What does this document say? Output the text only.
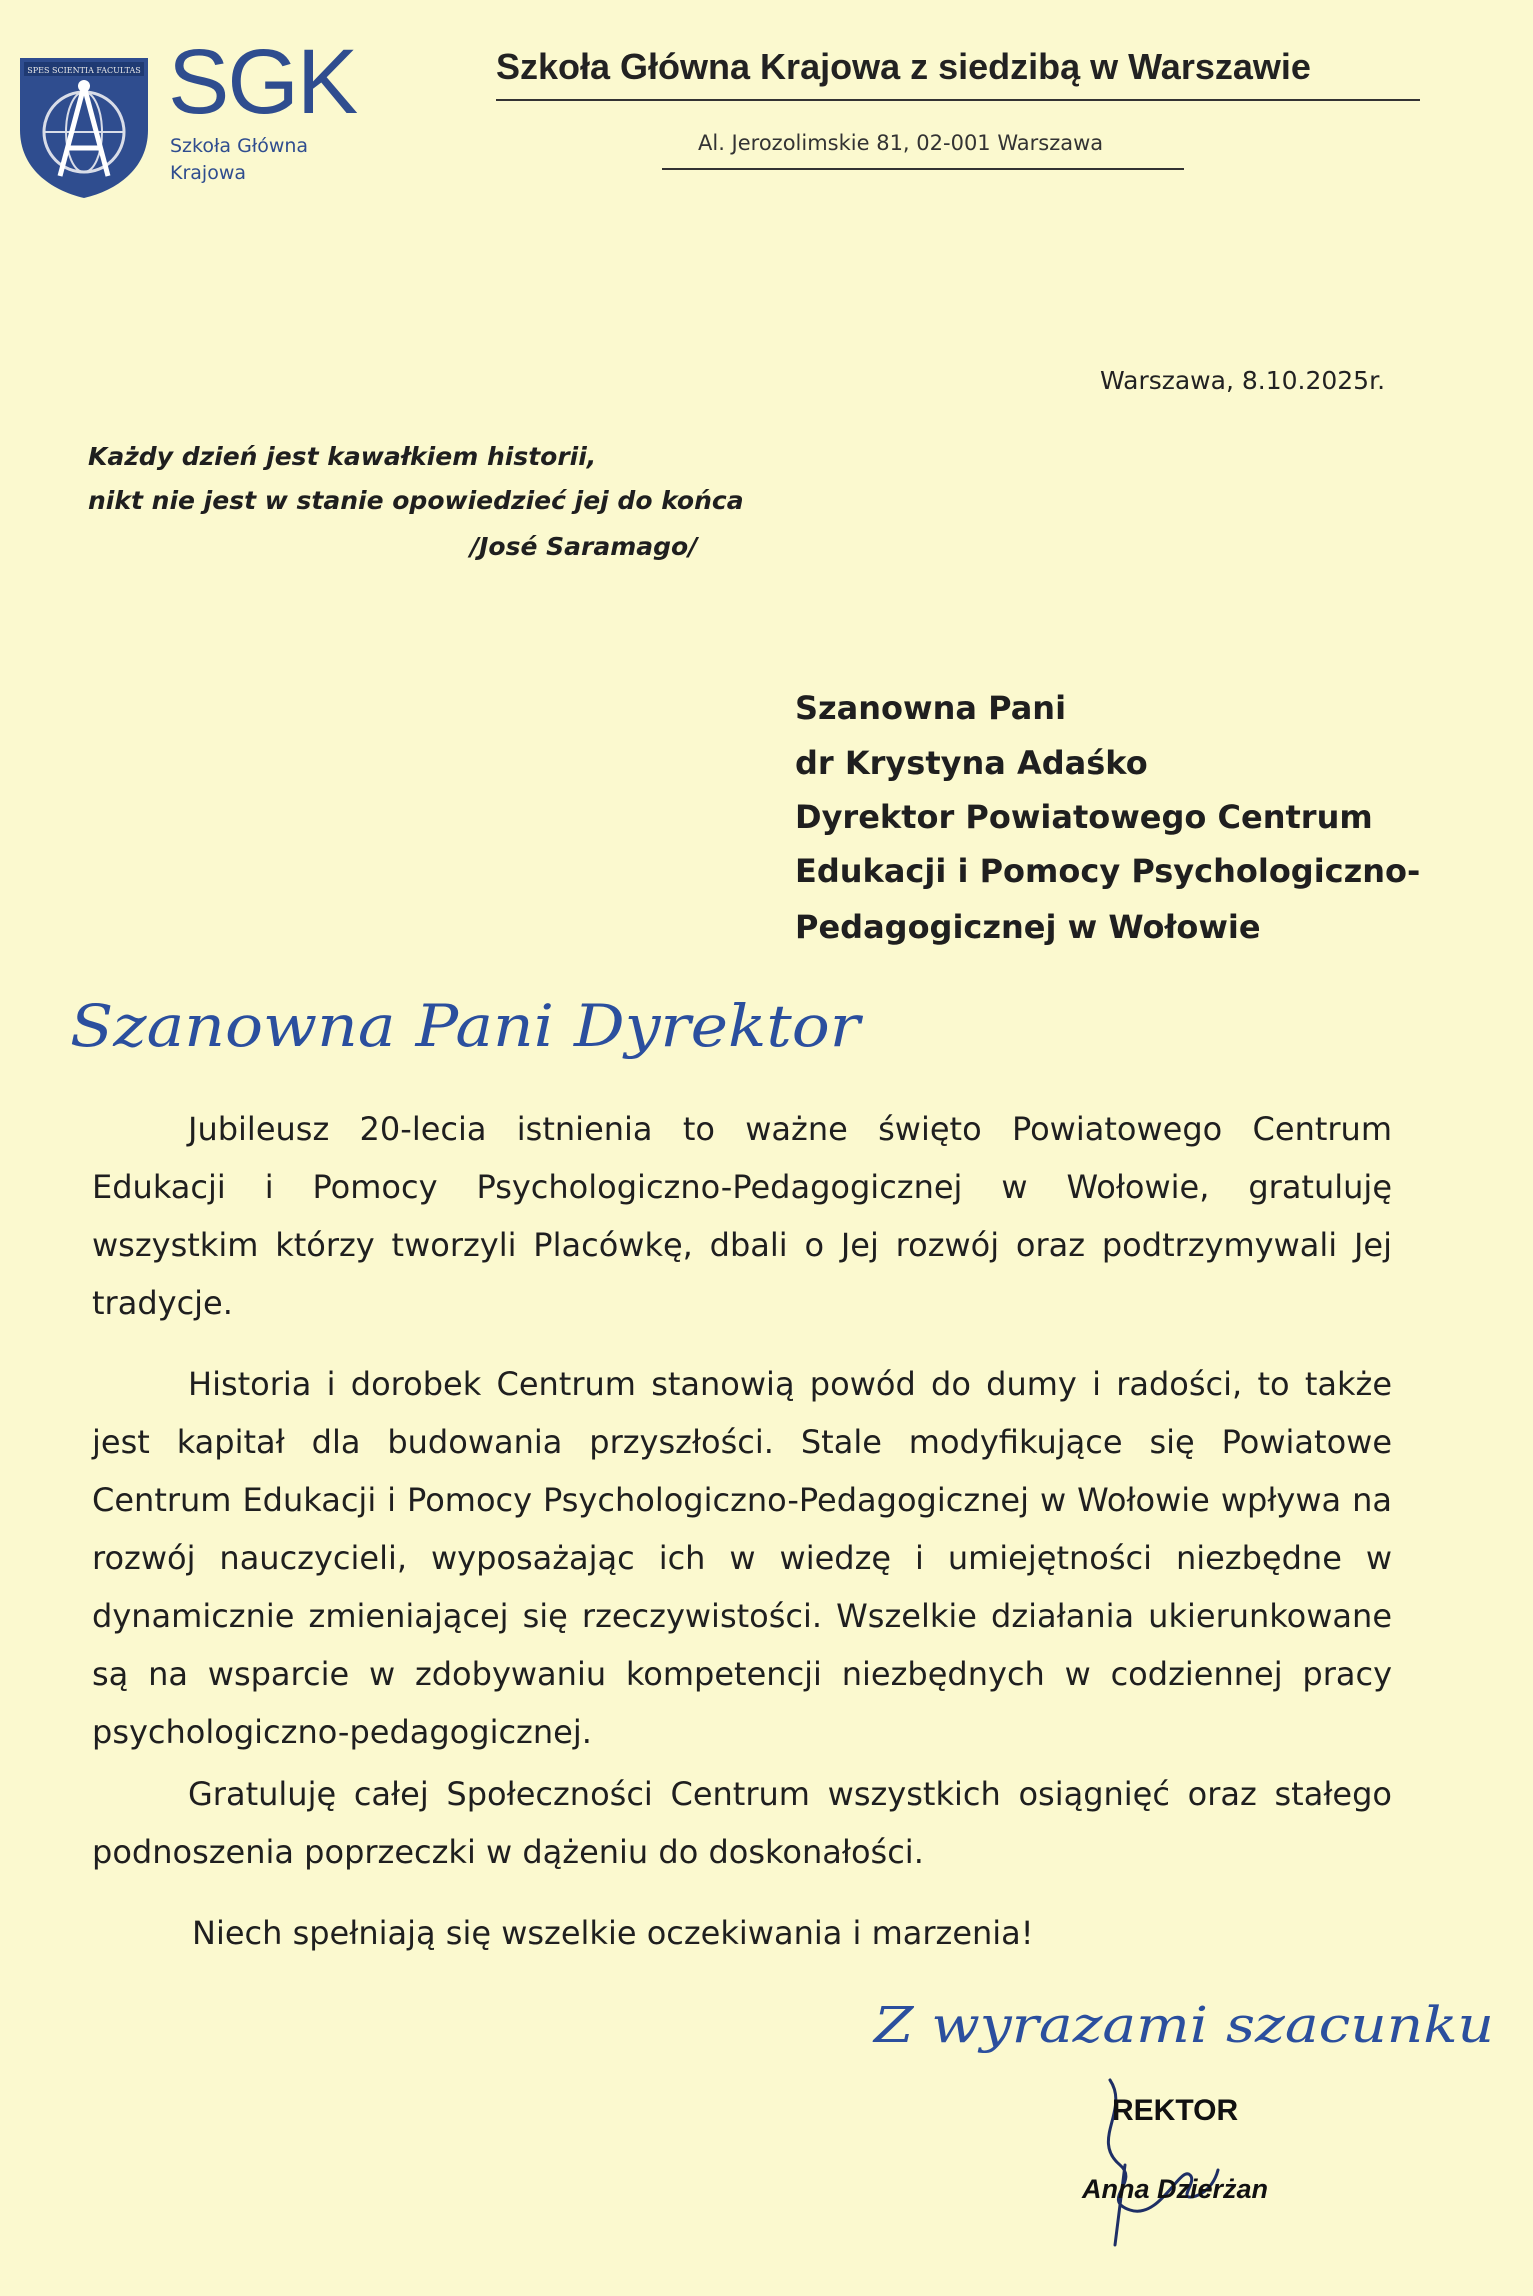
SPES SCIENTIA FACULTAS SGK
Szkoła Główna
Krajowa
Szkoła Główna Krajowa z siedzibą w Warszawie
Al. Jerozolimskie 81, 02-001 Warszawa
Warszawa, 8.10.2025r.
Każdy dzień jest kawałkiem historii,
nikt nie jest w stanie opowiedzieć jej do końca
/José Saramago/
Szanowna Pani
dr Krystyna Adaśko
Dyrektor Powiatowego Centrum
Edukacji i Pomocy Psychologiczno-
Pedagogicznej w Wołowie
Szanowna Pani Dyrektor
Jubileusz 20-lecia istnienia to ważne święto Powiatowego Centrum Edukacji i Pomocy Psychologiczno-Pedagogicznej w Wołowie, gratuluję wszystkim którzy tworzyli Placówkę, dbali o Jej rozwój oraz podtrzymywali Jej tradycje.
Historia i dorobek Centrum stanowią powód do dumy i radości, to także jest kapitał dla budowania przyszłości. Stale modyfikujące się Powiatowe Centrum Edukacji i Pomocy Psychologiczno-Pedagogicznej w Wołowie wpływa na rozwój nauczycieli, wyposażając ich w wiedzę i umiejętności niezbędne w dynamicznie zmieniającej się rzeczywistości. Wszelkie działania ukierunkowane są na wsparcie w zdobywaniu kompetencji niezbędnych w codziennej pracy psychologiczno-pedagogicznej.
Gratuluję całej Społeczności Centrum wszystkich osiągnięć oraz stałego podnoszenia poprzeczki w dążeniu do doskonałości.
Niech spełniają się wszelkie oczekiwania i marzenia!
Z wyrazami szacunku
REKTOR
Anna Dzierżan
